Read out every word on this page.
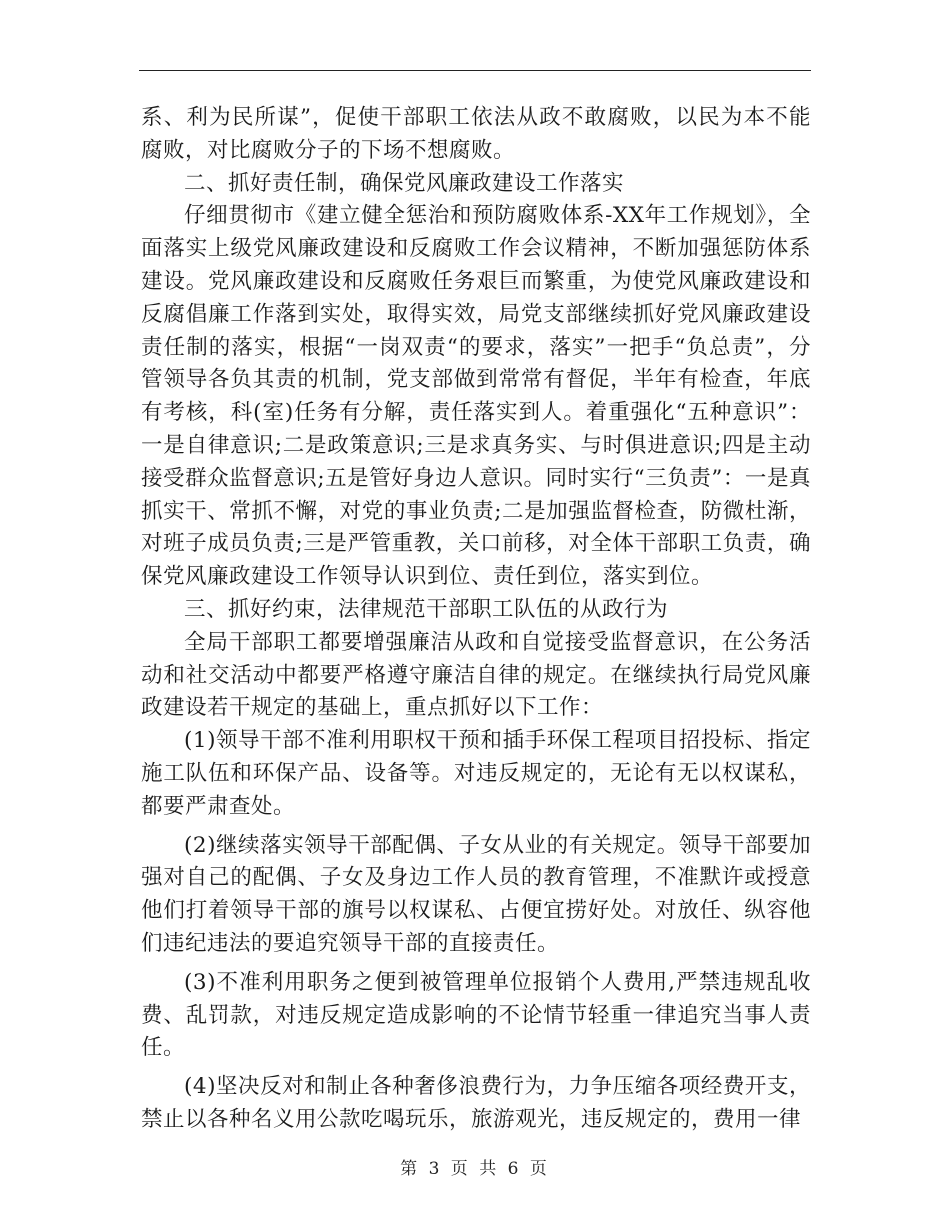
系、利为民所谋”，促使干部职工依法从政不敢腐败，以民为本不能腐败，对比腐败分子的下场不想腐败。

二、抓好责任制，确保党风廉政建设工作落实

仔细贯彻市《建立健全惩治和预防腐败体系-XX年工作规划》，全面落实上级党风廉政建设和反腐败工作会议精神，不断加强惩防体系建设。党风廉政建设和反腐败任务艰巨而繁重，为使党风廉政建设和反腐倡廉工作落到实处，取得实效，局党支部继续抓好党风廉政建设责任制的落实，根据“一岗双责“的要求，落实”一把手“负总责”，分管领导各负其责的机制，党支部做到常常有督促，半年有检查，年底有考核，科(室)任务有分解，责任落实到人。着重强化“五种意识”：一是自律意识;二是政策意识;三是求真务实、与时俱进意识;四是主动接受群众监督意识;五是管好身边人意识。同时实行“三负责”：一是真抓实干、常抓不懈，对党的事业负责;二是加强监督检查，防微杜渐，对班子成员负责;三是严管重教，关口前移，对全体干部职工负责，确保党风廉政建设工作领导认识到位、责任到位，落实到位。

三、抓好约束，法律规范干部职工队伍的从政行为

全局干部职工都要增强廉洁从政和自觉接受监督意识，在公务活动和社交活动中都要严格遵守廉洁自律的规定。在继续执行局党风廉政建设若干规定的基础上，重点抓好以下工作：

(1)领导干部不准利用职权干预和插手环保工程项目招投标、指定施工队伍和环保产品、设备等。对违反规定的，无论有无以权谋私，都要严肃查处。

(2)继续落实领导干部配偶、子女从业的有关规定。领导干部要加强对自己的配偶、子女及身边工作人员的教育管理，不准默许或授意他们打着领导干部的旗号以权谋私、占便宜捞好处。对放任、纵容他们违纪违法的要追究领导干部的直接责任。

(3)不准利用职务之便到被管理单位报销个人费用,严禁违规乱收费、乱罚款，对违反规定造成影响的不论情节轻重一律追究当事人责任。

(4)坚决反对和制止各种奢侈浪费行为，力争压缩各项经费开支，禁止以各种名义用公款吃喝玩乐，旅游观光，违反规定的，费用一律

第 3 页 共 6 页
